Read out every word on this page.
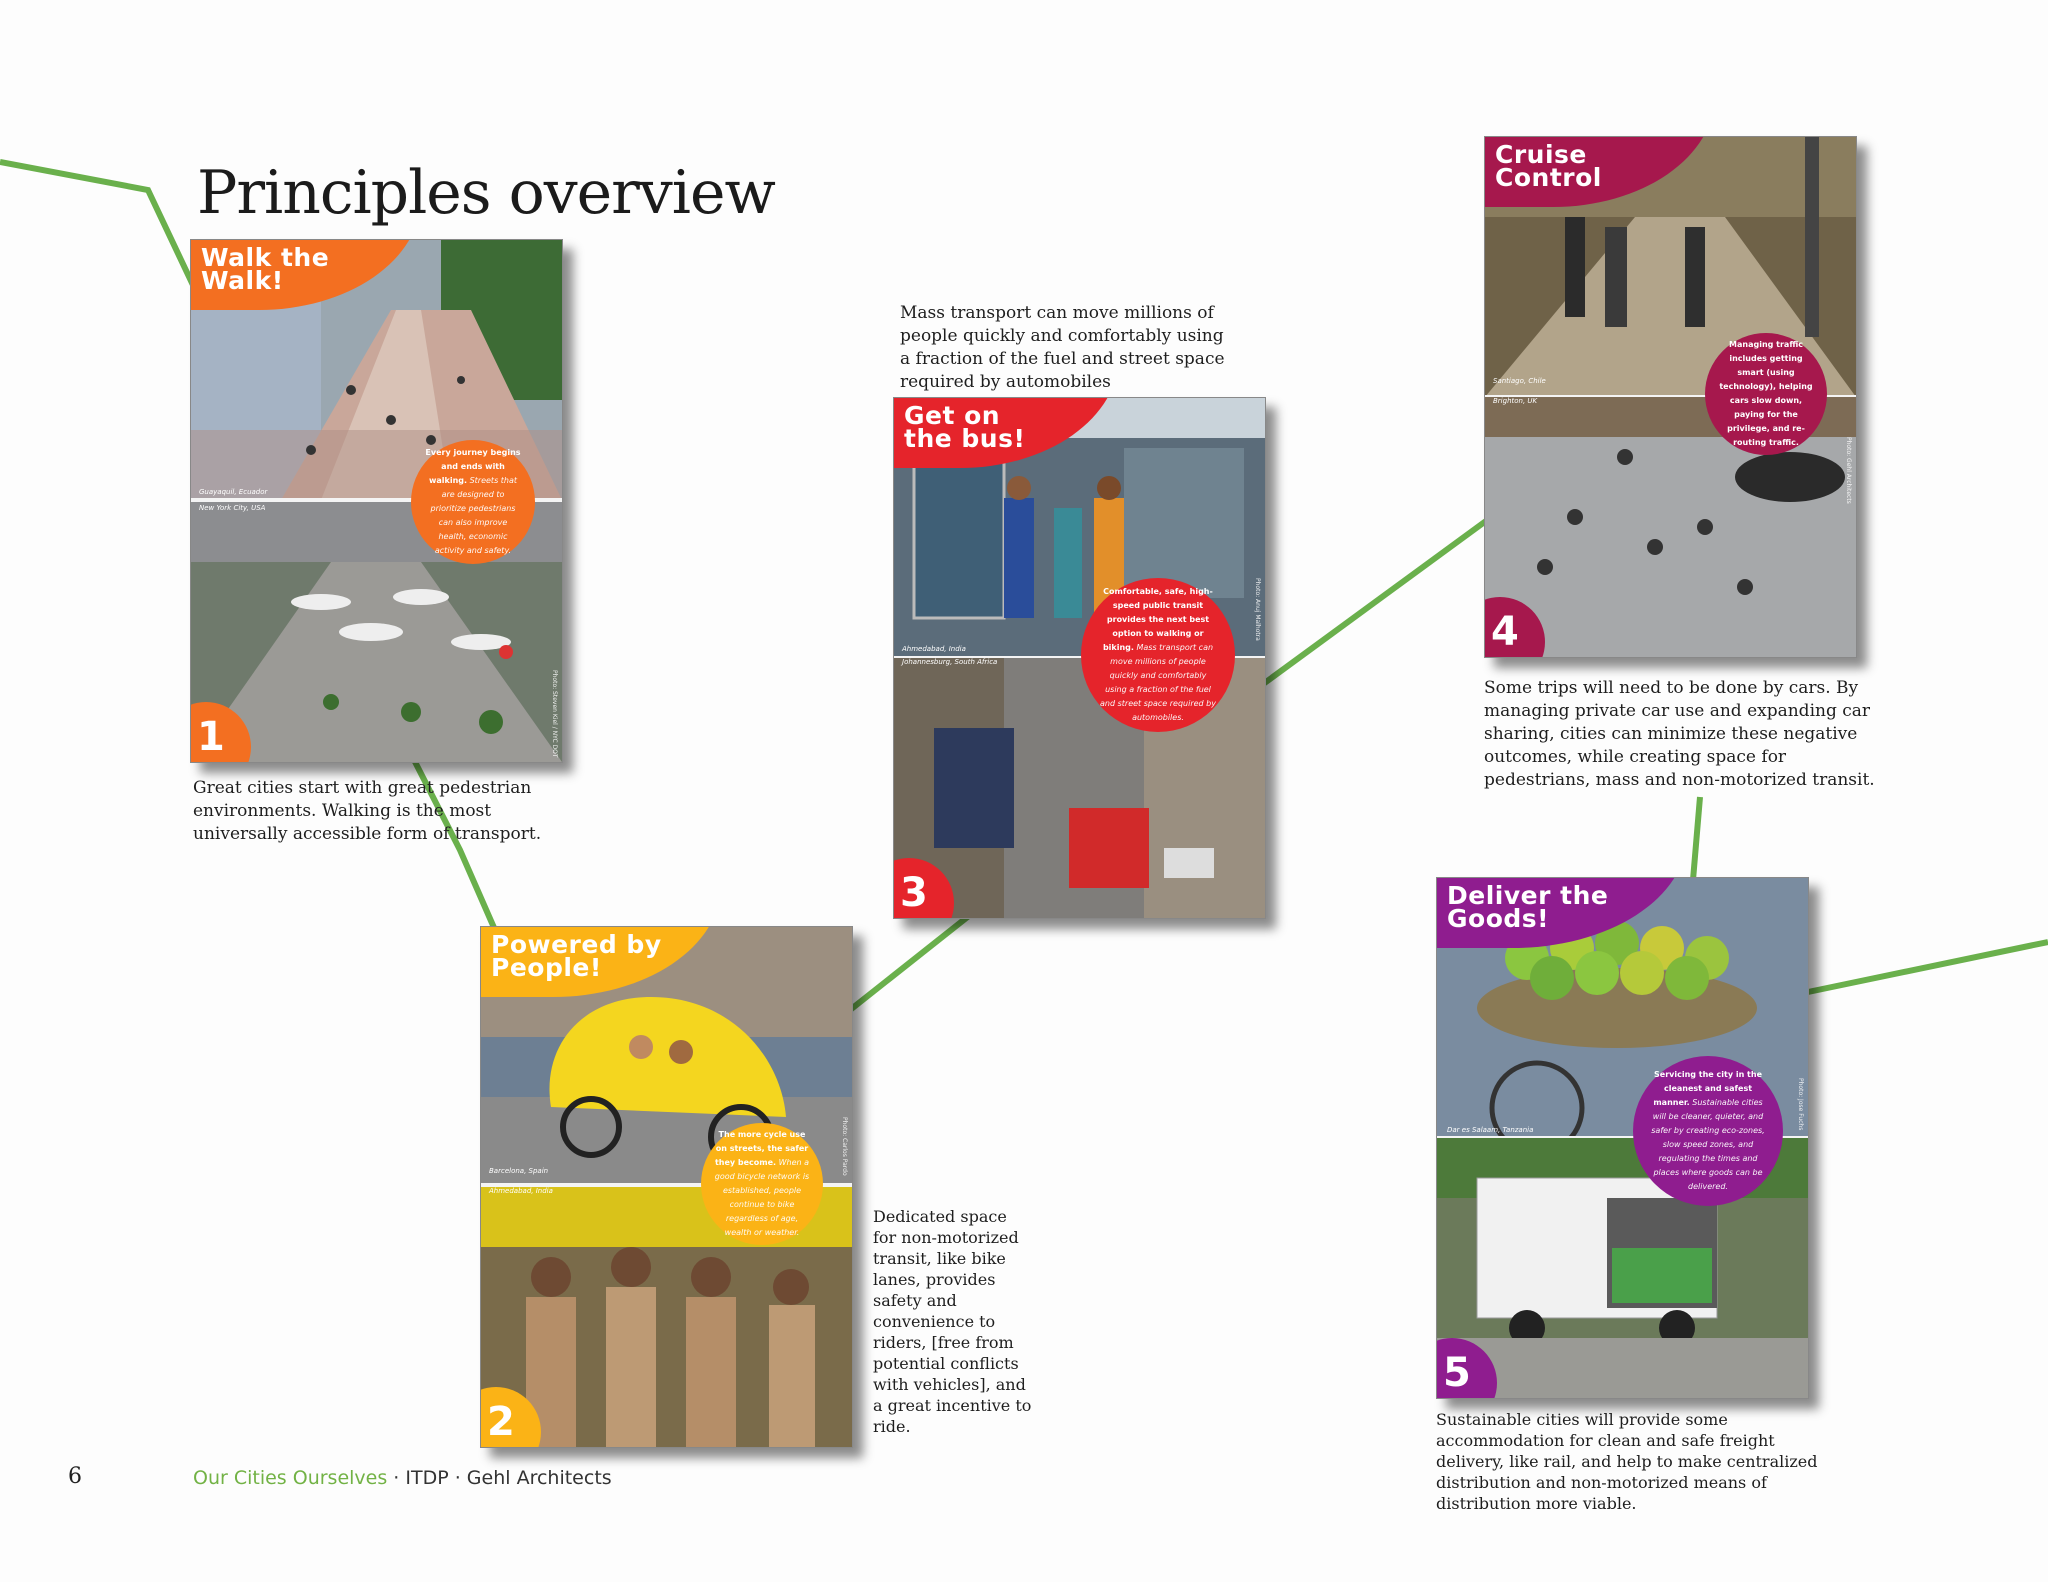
Principles overview
Guayaquil, Ecuador
New York City, USA
Photo: Steven Kiel / NYC DOT
Walk the
Walk!
Every journey begins and ends with walking. Streets that are designed to prioritize pedestrians can also improve health, economic activity and safety.
1
Great cities start with great pedestrian environments. Walking is the most universally accessible form of transport.
Barcelona, Spain
Ahmedabad, India
Photo: Carlos Pardo
Powered by
People!
The more cycle use on streets, the safer they become. When a good bicycle network is established, people continue to bike regardless of age, wealth or weather.
2
Dedicated space for non-motorized transit, like bike lanes, provides safety and convenience to riders, [free from potential conflicts with vehicles], and a great incentive to ride.
Ahmedabad, India
Johannesburg, South Africa
Photo: Anuj Malhotra
Get on
the bus!
Comfortable, safe, high-speed public transit provides the next best option to walking or biking. Mass transport can move millions of people quickly and comfortably using a fraction of the fuel and street space required by automobiles.
3
Mass transport can move millions of people quickly and comfortably using a fraction of the fuel and street space required by automobiles	Santiago, Chile
Brighton, UK
Photo: Gehl Architects
Cruise
Control
Managing traffic includes getting smart (using technology), helping cars slow down, paying for the privilege, and re-routing traffic.
4
Some trips will need to be done by cars. By managing private car use and expanding car sharing, cities can minimize these negative outcomes, while creating space for pedestrians, mass and non-motorized transit.
Dar es Salaam, Tanzania	Photo: Jose Fuchs
Deliver the
Goods!
Servicing the city in the cleanest and safest manner. Sustainable cities will be cleaner, quieter, and safer by creating eco-zones, slow speed zones, and regulating the times and places where goods can be delivered.
5
Sustainable cities will provide some accommodation for clean and safe freight delivery, like rail, and help to make centralized distribution and non-motorized means of distribution more viable.
6	Our Cities Ourselves · ITDP · Gehl Architects
